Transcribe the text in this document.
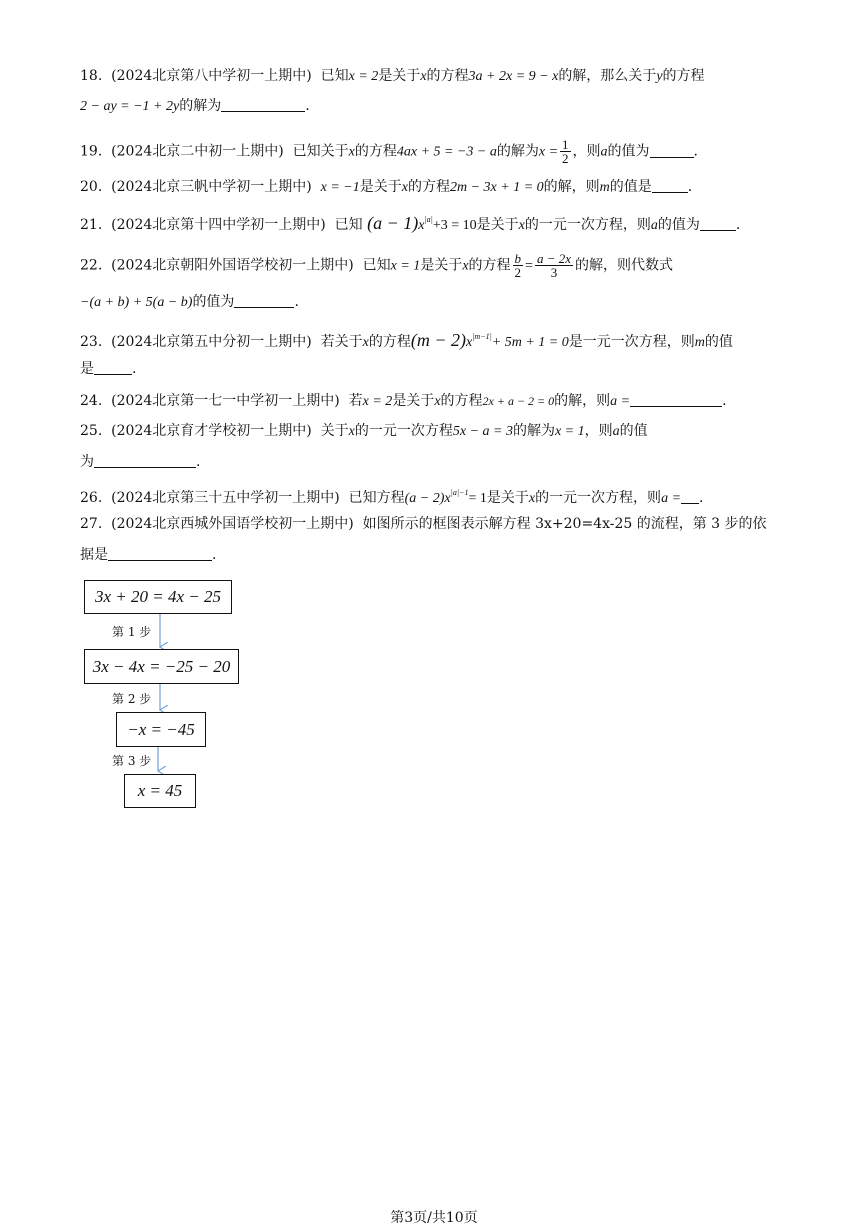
18. (2024北京第八中学初一上期中) 已知x = 2是关于x的方程3a + 2x = 9 − x的解，那么关于y的方程
2 − ay = −1 + 2y的解为	.
19. (2024北京二中初一上期中) 已知关于x的方程4ax + 5 = −3 − a的解为$x = \frac{1}{2}$ ，则a的值为	.
20. (2024北京三帆中学初一上期中) x = −1是关于x的方程2m − 3x + 1 = 0的解，则m的值是	.
21. (2024北京第十四中学初一上期中) 已知 $(a - 1)x^{|a|}+3 = 10$是关于x的一元一次方程，则a的值为	.
22. (2024北京朝阳外国语学校初一上期中) 已知x = 1是关于x的方程 $\frac{b}{2} = \frac{a - 2x}{3}$ 的解，则代数式
−(a + b) + 5(a − b)的值为	.
23. (2024北京第五中分初一上期中) 若关于x的方程$(m - 2)x^{|m-1|}+ 5m + 1 = 0$是一元一次方程，则m的值
是	.
24. (2024北京第一七一中学初一上期中) 若x = 2是关于x的方程2x + a − 2 = 0的解，则a =	.
25. (2024北京育才学校初一上期中) 关于x的一元一次方程5x − a = 3的解为x = 1，则a的值
为	.
26. (2024北京第三十五中学初一上期中) 已知方程$(a - 2)x^{|a|-1}= 1$是关于x的一元一次方程，则a = .
27. (2024北京西城外国语学校初一上期中) 如图所示的框图表示解方程 3x+20=4x-25 的流程，第 3 步的依
据是	.
3x + 20 = 4x − 25
第 1 步
3x − 4x = −25 − 20
第 2 步
−x = −45
第 3 步
x = 45
第3页/共10页
